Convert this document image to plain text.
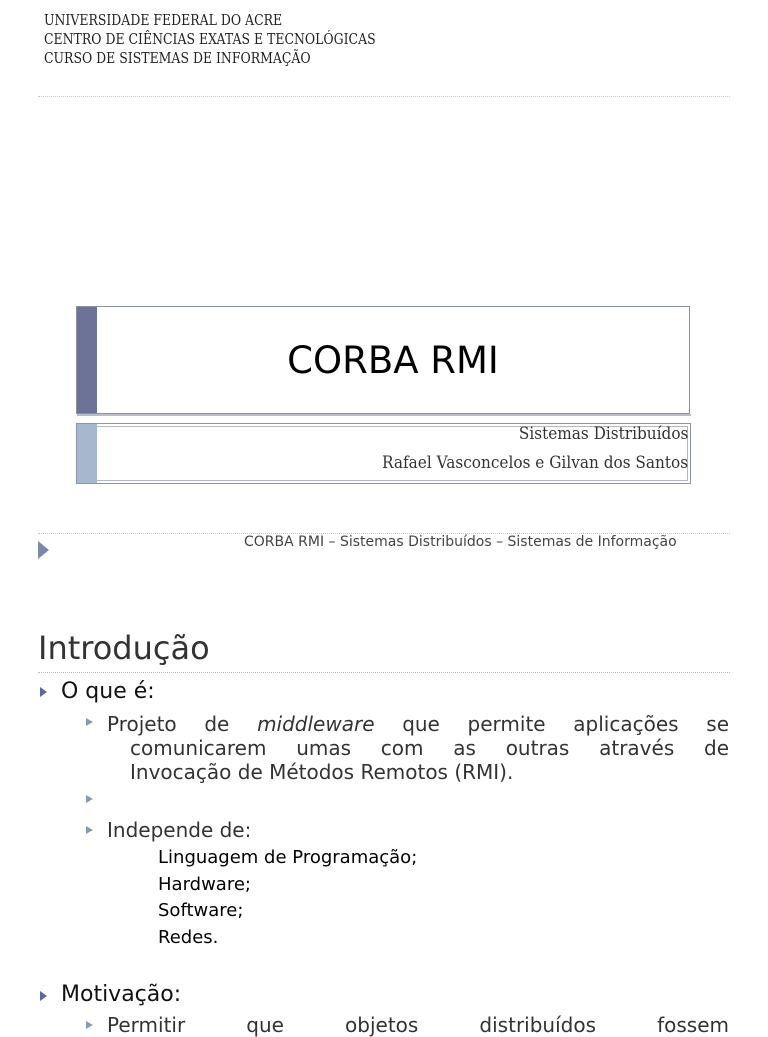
UNIVERSIDADE FEDERAL DO ACRE
CENTRO DE CIÊNCIAS EXATAS E TECNOLÓGICAS
CURSO DE SISTEMAS DE INFORMAÇÃO
CORBA RMI
Sistemas Distribuídos
Rafael Vasconcelos e Gilvan dos Santos
CORBA RMI – Sistemas Distribuídos – Sistemas de Informação
Introdução
O que é:
Projeto de middleware que permite aplicações se
comunicarem umas com as outras através de
Invocação de Métodos Remotos (RMI).
Independe de:
Linguagem de Programação;
Hardware;
Software;
Redes.
Motivação:
Permitir que objetos distribuídos fossem
